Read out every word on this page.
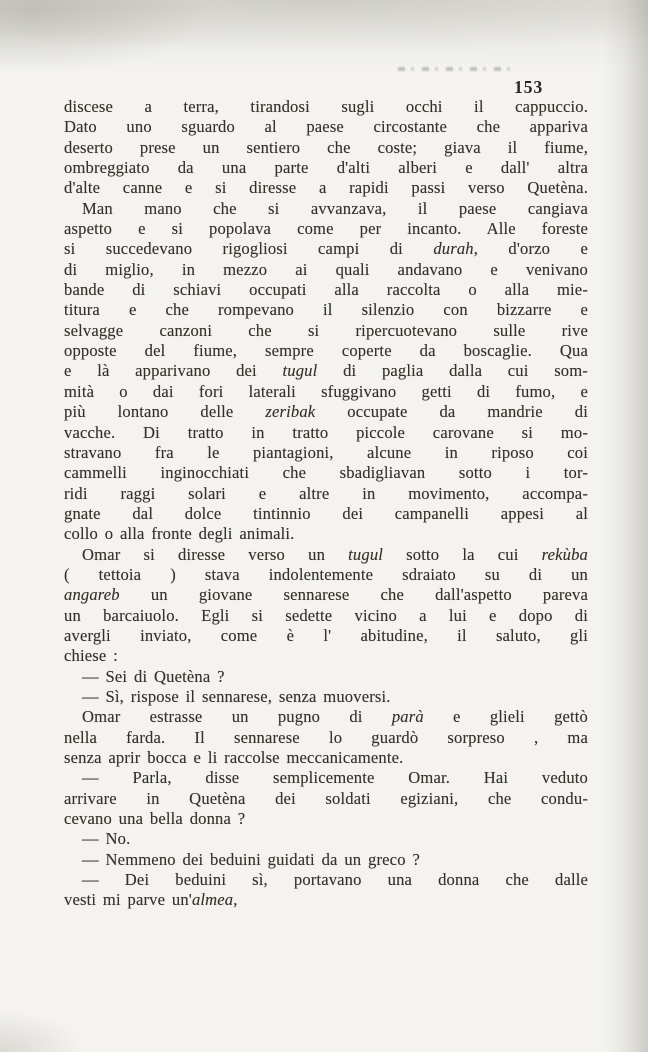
153
discese a terra, tirandosi sugli occhi il cappuccio.
Dato uno sguardo al paese circostante che appariva
deserto prese un sentiero che coste; giava il fiume,
ombreggiato da una parte d'alti alberi e dall' altra
d'alte canne e si diresse a rapidi passi verso Quetèna.
Man mano che si avvanzava, il paese cangiava
aspetto e si popolava come per incanto. Alle foreste
si succedevano rigogliosi campi di durah, d'orzo e
di miglio, in mezzo ai quali andavano e venivano
bande di schiavi occupati alla raccolta o alla mie-
titura e che rompevano il silenzio con bizzarre e
selvagge canzoni che si ripercuotevano sulle rive
opposte del fiume, sempre coperte da boscaglie. Qua
e là apparivano dei tugul di paglia dalla cui som-
mità o dai fori laterali sfuggivano getti di fumo, e
più lontano delle zeribak occupate da mandrie di
vacche. Di tratto in tratto piccole carovane si mo-
stravano fra le piantagioni, alcune in riposo coi
cammelli inginocchiati che sbadigliavan sotto i tor-
ridi raggi solari e altre in movimento, accompa-
gnate dal dolce tintinnio dei campanelli appesi al
collo o alla fronte degli animali.
Omar si diresse verso un tugul sotto la cui rekùba
( tettoia ) stava indolentemente sdraiato su di un
angareb un giovane sennarese che dall'aspetto pareva
un barcaiuolo. Egli si sedette vicino a lui e dopo di
avergli inviato, come è l' abitudine, il saluto, gli
chiese :
— Sei di Quetèna ?
— Sì, rispose il sennarese, senza muoversi.
Omar estrasse un pugno di parà e glieli gettò
nella farda. Il sennarese lo guardò sorpreso , ma
senza aprir bocca e li raccolse meccanicamente.
— Parla, disse semplicemente Omar. Hai veduto
arrivare in Quetèna dei soldati egiziani, che condu-
cevano una bella donna ?
— No.
— Nemmeno dei beduini guidati da un greco ?
— Dei beduini sì, portavano una donna che dalle
vesti mi parve un'almea,
